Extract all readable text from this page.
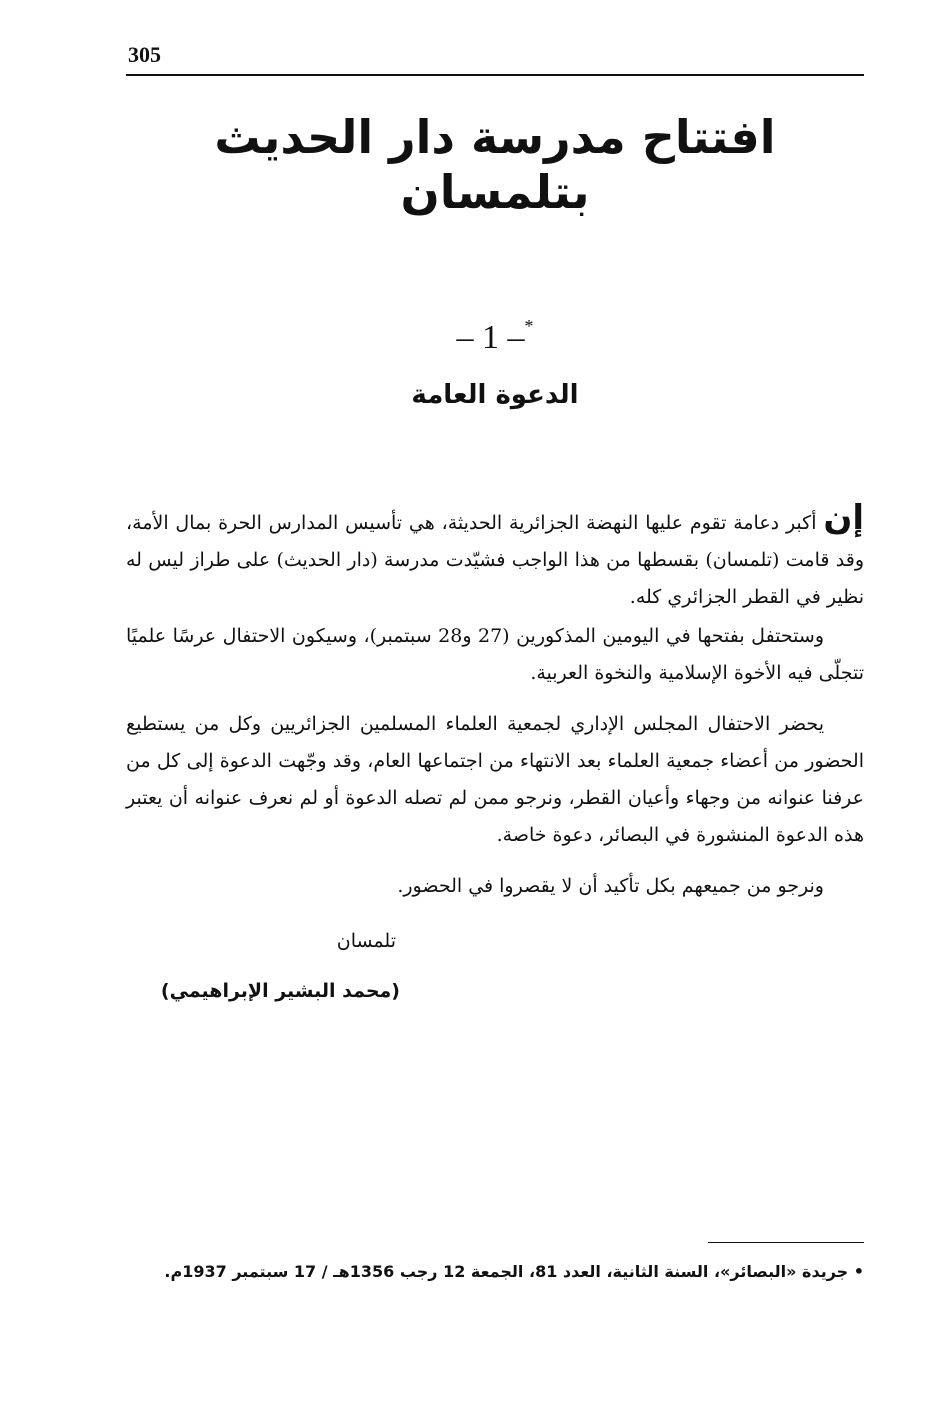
305

افتتاح مدرسة دار الحديث بتلمسان

– 1 –*

الدعوة العامة

إن أكبر دعامة تقوم عليها النهضة الجزائرية الحديثة، هي تأسيس المدارس الحرة بمال الأمة، وقد قامت (تلمسان) بقسطها من هذا الواجب فشيّدت مدرسة (دار الحديث) على طراز ليس له نظير في القطر الجزائري كله.

وستحتفل بفتحها في اليومين المذكورين (27 و28 سبتمبر)، وسيكون الاحتفال عرسًا علميًا تتجلّى فيه الأخوة الإسلامية والنخوة العربية.

يحضر الاحتفال المجلس الإداري لجمعية العلماء المسلمين الجزائريين وكل من يستطيع الحضور من أعضاء جمعية العلماء بعد الانتهاء من اجتماعها العام، وقد وجّهت الدعوة إلى كل من عرفنا عنوانه من وجهاء وأعيان القطر، ونرجو ممن لم تصله الدعوة أو لم نعرف عنوانه أن يعتبر هذه الدعوة المنشورة في البصائر، دعوة خاصة.

ونرجو من جميعهم بكل تأكيد أن لا يقصروا في الحضور.

تلمسان

(محمد البشير الإبراهيمي)

• جريدة «البصائر»، السنة الثانية، العدد 81، الجمعة 12 رجب 1356هـ / 17 سبتمبر 1937م.
